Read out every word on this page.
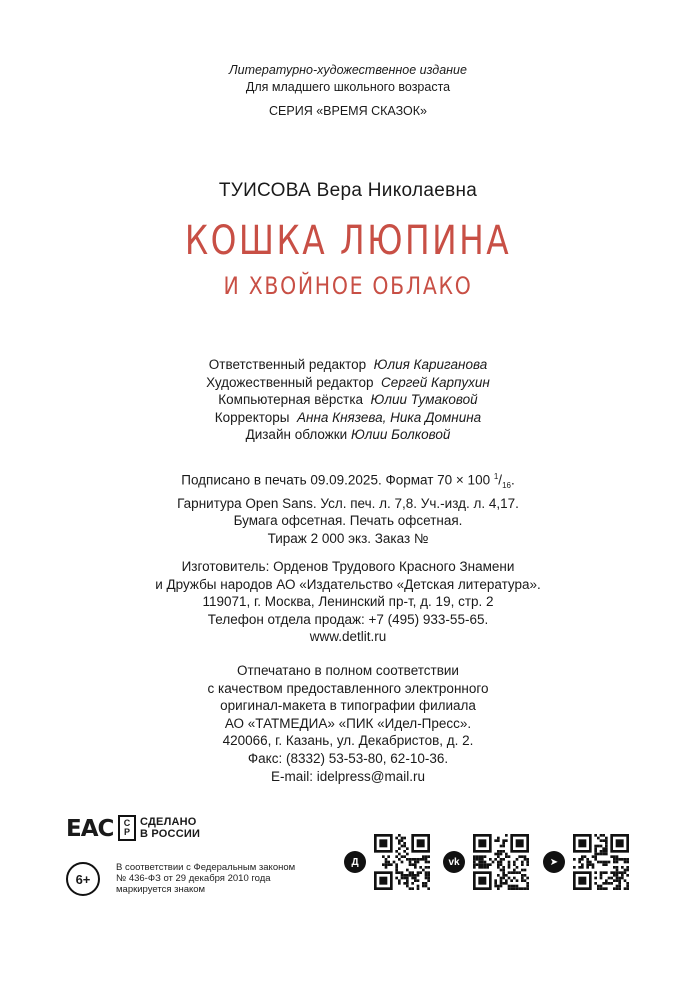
Литературно-художественное издание
Для младшего школьного возраста
СЕРИЯ «ВРЕМЯ СКАЗОК»
ТУИСОВА Вера Николаевна
КОШКА ЛЮПИНА
И ХВОЙНОЕ ОБЛАКО
Ответственный редактор Юлия Кариганова
Художественный редактор Сергей Карпухин
Компьютерная вёрстка Юлии Тумаковой
Корректоры Анна Князева, Ника Домнина
Дизайн обложки Юлии Болковой
Подписано в печать 09.09.2025. Формат 70 × 100 $^1/_{16}$.
Гарнитура Open Sans. Усл. печ. л. 7,8. Уч.-изд. л. 4,17.
Бумага офсетная. Печать офсетная.
Тираж 2 000 экз. Заказ №
Изготовитель: Орденов Трудового Красного Знамени
и Дружбы народов АО «Издательство «Детская литература».
119071, г. Москва, Ленинский пр-т, д. 19, стр. 2
Телефон отдела продаж: +7 (495) 933-55-65.
www.detlit.ru
Отпечатано в полном соответствии
с качеством предоставленного электронного
оригинал-макета в типографии филиала
АО «ТАТМЕДИА» «ПИК «Идел-Пресс».
420066, г. Казань, ул. Декабристов, д. 2.
Факс: (8332) 53-53-80, 62-10-36.
E-mail: idelpress@mail.ru
EAC С
Р
СДЕЛАНО
В РОССИИ
6+
В соответствии с Федеральным законом
№ 436-ФЗ от 29 декабря 2010 года
маркируется знаком
Д	vk	➤
